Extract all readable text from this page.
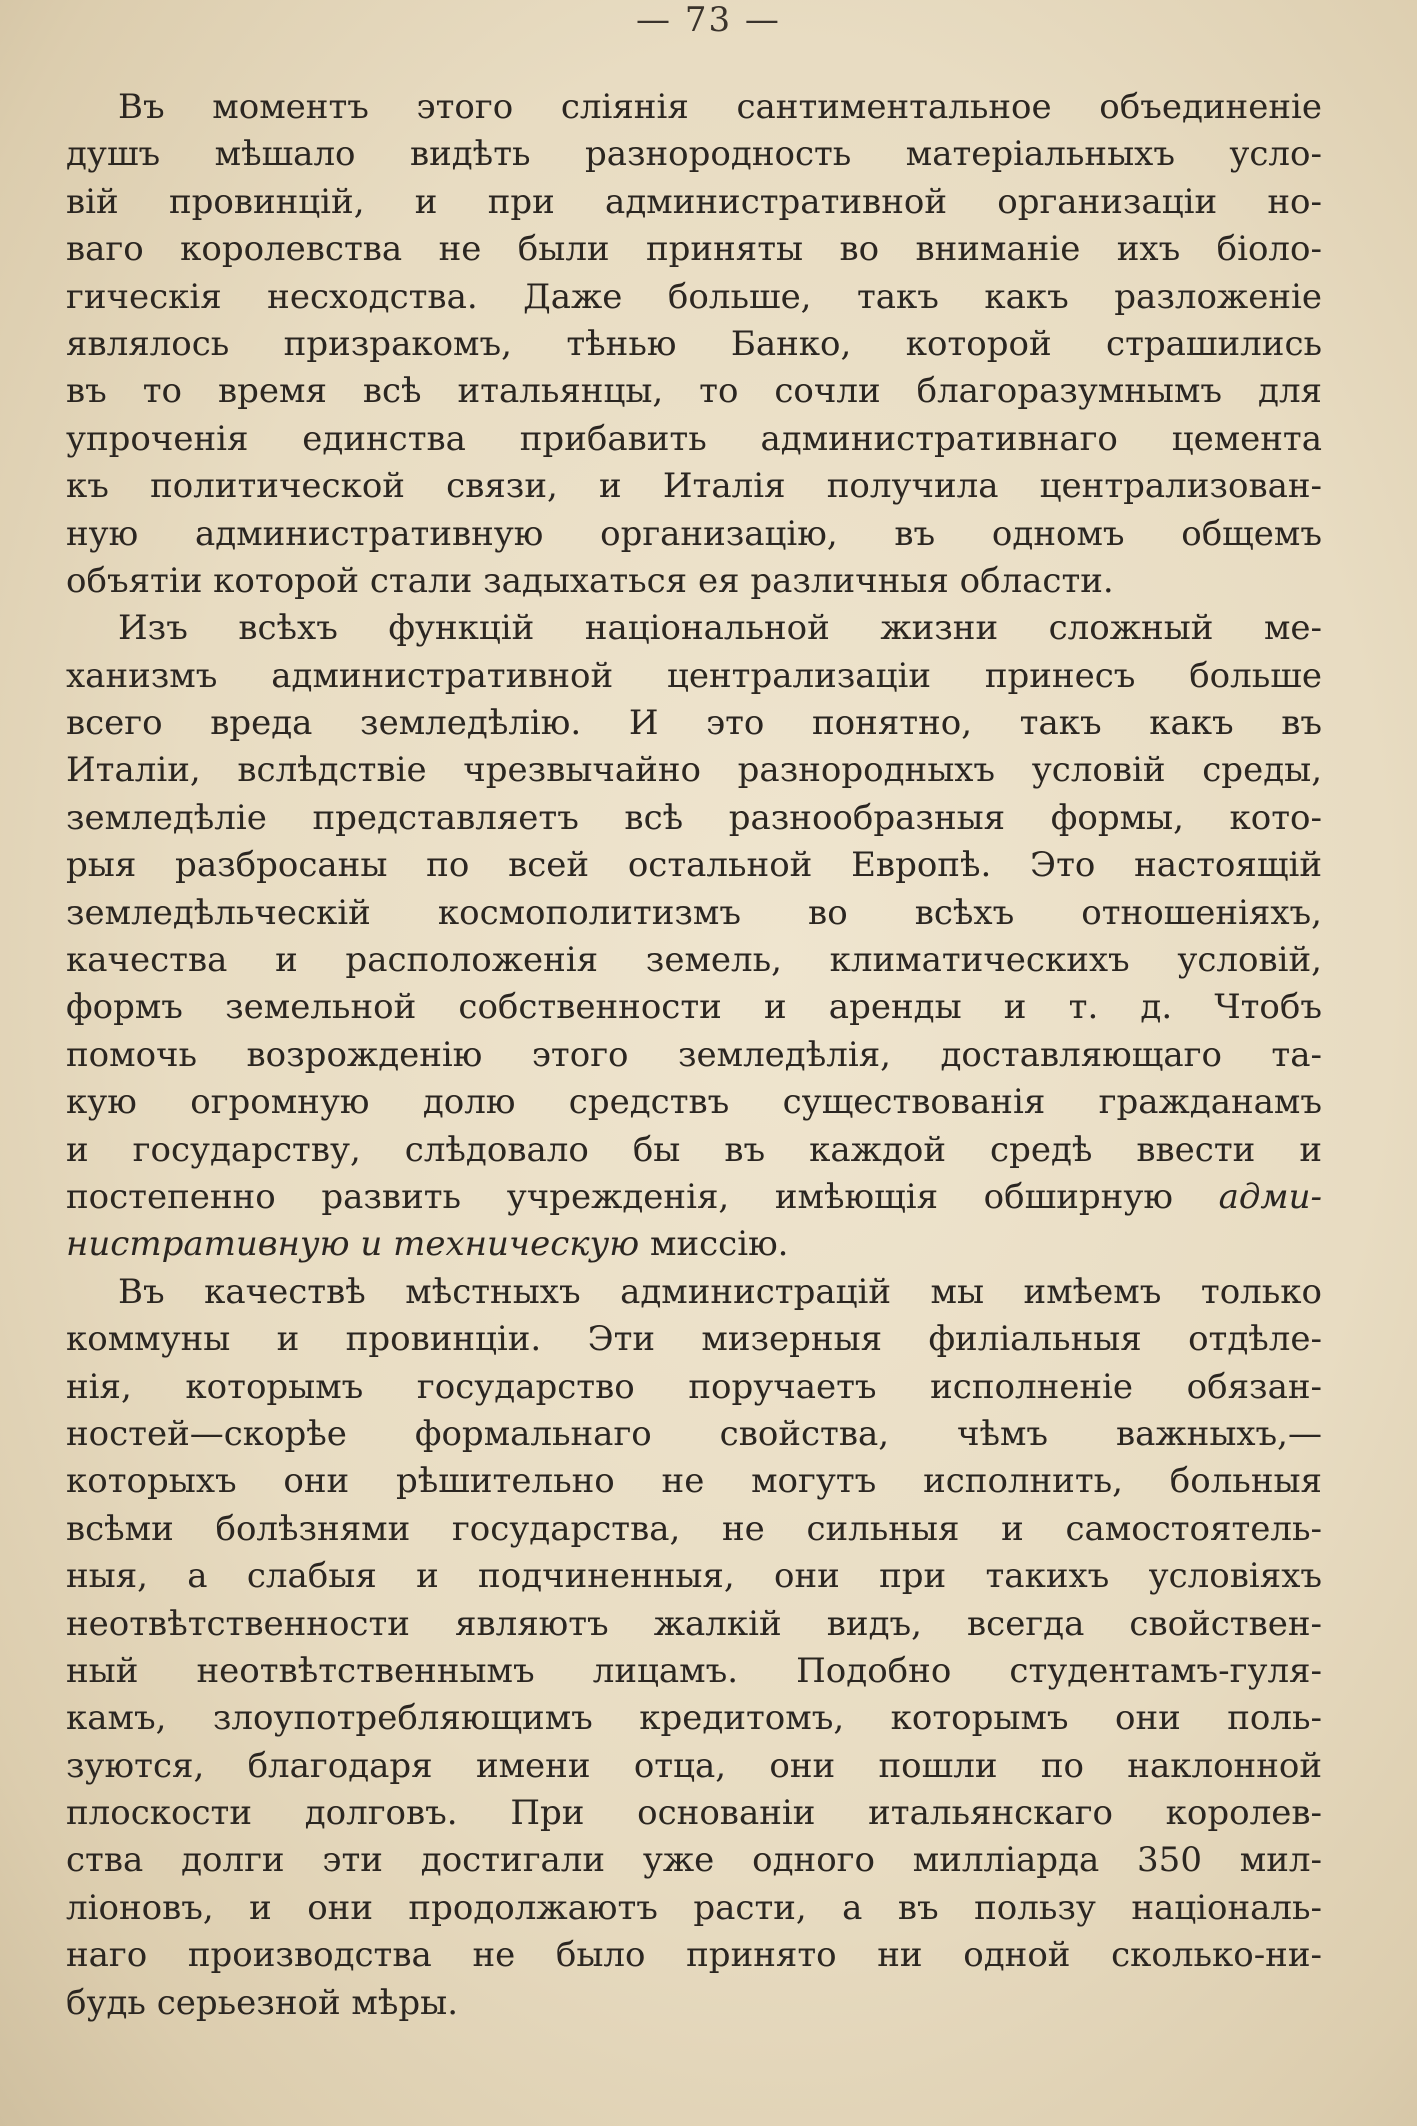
— 73 —
Въ моментъ этого сліянія сантиментальное объединеніе
душъ мѣшало видѣть разнородность матеріальныхъ усло-
вій провинцій, и при административной организаціи но-
ваго королевства не были приняты во вниманіе ихъ біоло-
гическія несходства. Даже больше, такъ какъ разложеніе
являлось призракомъ, тѣнью Банко, которой страшились
въ то время всѣ итальянцы, то сочли благоразумнымъ для
упроченія единства прибавить административнаго цемента
къ политической связи, и Италія получила централизован-
ную административную организацію, въ одномъ общемъ
объятіи которой стали задыхаться ея различныя области.
Изъ всѣхъ функцій національной жизни сложный ме-
ханизмъ административной централизаціи принесъ больше
всего вреда земледѣлію. И это понятно, такъ какъ въ
Италіи, вслѣдствіе чрезвычайно разнородныхъ условій среды,
земледѣліе представляетъ всѣ разнообразныя формы, кото-
рыя разбросаны по всей остальной Европѣ. Это настоящій
земледѣльческій космополитизмъ во всѣхъ отношеніяхъ,
качества и расположенія земель, климатическихъ условій,
формъ земельной собственности и аренды и т. д. Чтобъ
помочь возрожденію этого земледѣлія, доставляющаго та-
кую огромную долю средствъ существованія гражданамъ
и государству, слѣдовало бы въ каждой средѣ ввести и
постепенно развить учрежденія, имѣющія обширную адми-
нистративную и техническую миссію.
Въ качествѣ мѣстныхъ администрацій мы имѣемъ только
коммуны и провинціи. Эти мизерныя филіальныя отдѣле-
нія, которымъ государство поручаетъ исполненіе обязан-
ностей—скорѣе формальнаго свойства, чѣмъ важныхъ,—
которыхъ они рѣшительно не могутъ исполнить, больныя
всѣми болѣзнями государства, не сильныя и самостоятель-
ныя, а слабыя и подчиненныя, они при такихъ условіяхъ
неотвѣтственности являютъ жалкій видъ, всегда свойствен-
ный неотвѣтственнымъ лицамъ. Подобно студентамъ-гуля-
камъ, злоупотребляющимъ кредитомъ, которымъ они поль-
зуются, благодаря имени отца, они пошли по наклонной
плоскости долговъ. При основаніи итальянскаго королев-
ства долги эти достигали уже одного милліарда 350 мил-
ліоновъ, и они продолжаютъ расти, а въ пользу національ-
наго производства не было принято ни одной сколько-ни-
будь серьезной мѣры.
